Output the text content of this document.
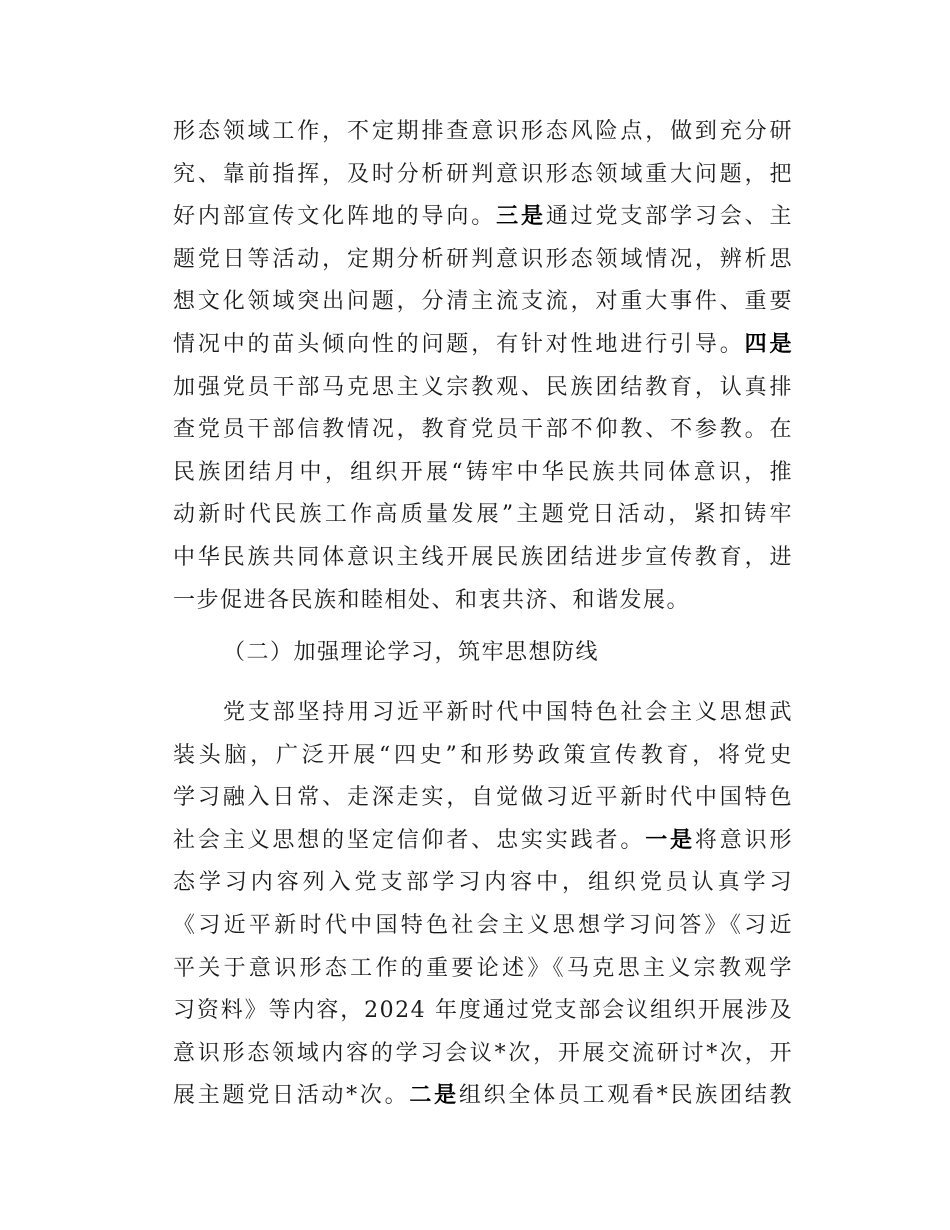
形态领域工作，不定期排查意识形态风险点，做到充分研
究、靠前指挥，及时分析研判意识形态领域重大问题，把
好内部宣传文化阵地的导向。三是通过党支部学习会、主
题党日等活动，定期分析研判意识形态领域情况，辨析思
想文化领域突出问题，分清主流支流，对重大事件、重要
情况中的苗头倾向性的问题，有针对性地进行引导。四是
加强党员干部马克思主义宗教观、民族团结教育，认真排
查党员干部信教情况，教育党员干部不仰教、不参教。在
民族团结月中，组织开展“铸牢中华民族共同体意识，推
动新时代民族工作高质量发展”主题党日活动，紧扣铸牢
中华民族共同体意识主线开展民族团结进步宣传教育，进
一步促进各民族和睦相处、和衷共济、和谐发展。
（二）加强理论学习，筑牢思想防线
党支部坚持用习近平新时代中国特色社会主义思想武
装头脑，广泛开展“四史”和形势政策宣传教育，将党史
学习融入日常、走深走实，自觉做习近平新时代中国特色
社会主义思想的坚定信仰者、忠实实践者。一是将意识形
态学习内容列入党支部学习内容中，组织党员认真学习
《习近平新时代中国特色社会主义思想学习问答》《习近
平关于意识形态工作的重要论述》《马克思主义宗教观学
习资料》等内容，2024 年度通过党支部会议组织开展涉及
意识形态领域内容的学习会议*次，开展交流研讨*次，开
展主题党日活动*次。二是组织全体员工观看*民族团结教
